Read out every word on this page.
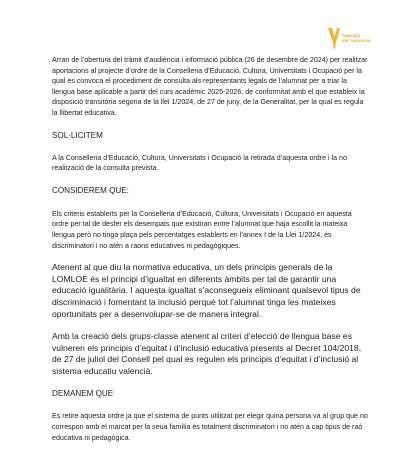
FAMÍLIES
PEL VALENCIÀ

Arran de l’obertura del tràmit d’audiència i informació pública (26 de desembre de 2024) per realitzar aportacions al projecte d’ordre de la Conselleria d’Educació, Cultura, Universitats i Ocupació per la qual es convoca el procediment de consulta als representants legals de l’alumnat per a triar la llengua base aplicable a partir del curs acadèmic 2025-2026, de conformitat amb el que estableix la disposició transitòria segona de la llei 1/2024, de 27 de juny, de la Generalitat, per la qual es regula la llibertat educativa.

SOL·LICITEM

A la Conselleria d’Educació, Cultura, Universitats i Ocupació la retirada d’aquesta ordre i la no realització de la consulta prevista.

CONSIDEREM QUE:

Els criteris establerts per la Conselleria d’Educació, Cultura, Universitats i Ocupació en aquesta ordre per tal de desfer els desempats que existiran entre l’alumnat que haja escollit la mateixa llengua però no tinga plaça pels percentatges establerts en l’annex I de la Llei 1/2024, és discriminatori i no atén a raons educatives ni pedagògiques.

Atenent al que diu la normativa educativa, un dels principis generals de la LOMLOE és el principi d’igualtat en diferents àmbits per tal de garantir una educació igualitària. I aquesta igualtat s’aconsegueix eliminant qualsevol tipus de discriminació i fomentant la inclusió perquè tot l’alumnat tinga les mateixes oportunitats per a desenvolupar-se de manera integral.

Amb la creació dels grups-classe atenent al criteri d’elecció de llengua base es vulneren els principis d’equitat i d’inclusió educativa presents al Decret 104/2018, de 27 de juliol del Consell pel qual es regulen els principis d’equitat i d’inclusió al sistema educatiu valencià.

DEMANEM QUE

Es retire aquesta ordre ja que el sistema de punts utilitzat per elegir quina persona va al grup que no correspon amb el marcat per la seua família és totalment discriminatori i no atén a cap tipus de raó educativa ni pedagògica.
